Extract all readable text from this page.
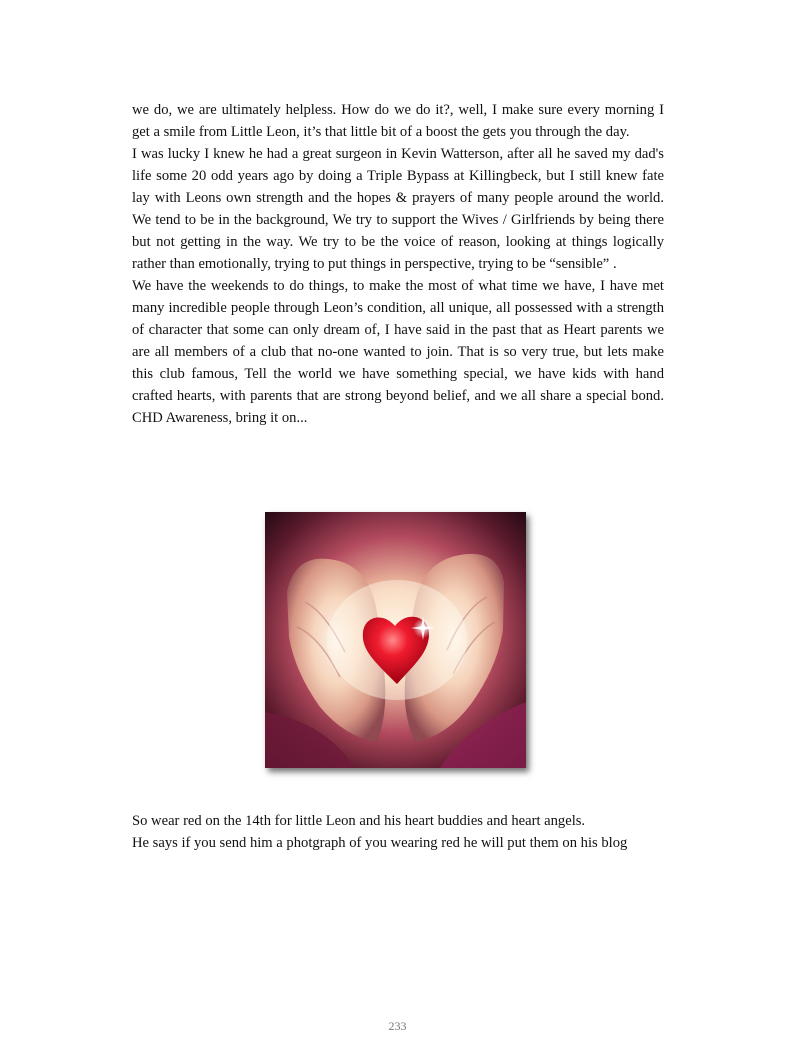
we do, we are ultimately helpless. How do we do it?, well, I make sure every morning I get a smile from Little Leon, it’s that little bit of a boost the gets you through the day.

I was lucky I knew he had a great surgeon in Kevin Watterson, after all he saved my dad's life some 20 odd years ago by doing a Triple Bypass at Killingbeck, but I still knew fate lay with Leons own strength and the hopes & prayers of many people around the world. We tend to be in the background, We try to support the Wives / Girlfriends by being there but not getting in the way. We try to be the voice of reason, looking at things logically rather than emotionally, trying to put things in perspective, trying to be “sensible” .

We have the weekends to do things, to make the most of what time we have, I have met many incredible people through Leon’s condition, all unique, all possessed with a strength of character that some can only dream of, I have said in the past that as Heart parents we are all members of a club that no-one wanted to join. That is so very true, but lets make this club famous, Tell the world we have something special, we have kids with hand crafted hearts, with parents that are strong beyond belief, and we all share a special bond. CHD Awareness, bring it on...

So wear red on the 14th for little Leon and his heart buddies and heart angels.

He says if you send him a photgraph of you wearing red he will put them on his blog

233
